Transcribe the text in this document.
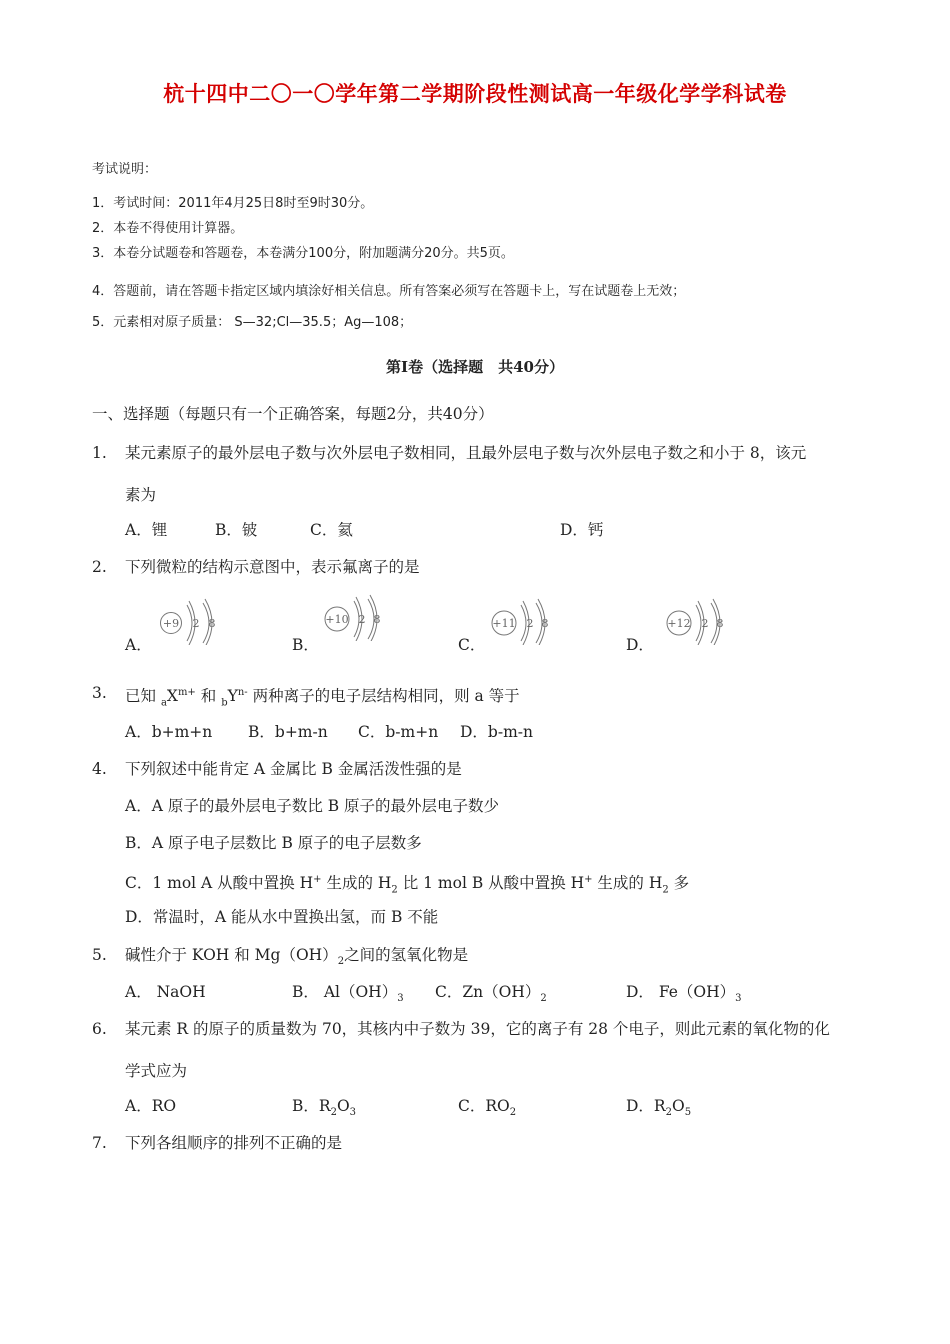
杭十四中二〇一〇学年第二学期阶段性测试高一年级化学学科试卷
考试说明：
1．考试时间：2011年4月25日8时至9时30分。
2．本卷不得使用计算器。
3．本卷分试题卷和答题卷，本卷满分100分，附加题满分20分。共5页。
4．答题前，请在答题卡指定区域内填涂好相关信息。所有答案必须写在答题卡上，写在试题卷上无效；
5．元素相对原子质量： S—32;Cl—35.5；Ag—108；
第Ⅰ卷（选择题　共40分）
一、选择题（每题只有一个正确答案，每题2分，共40分）
1. 某元素原子的最外层电子数与次外层电子数相同，且最外层电子数与次外层电子数之和小于 8，该元
素为
A．锂	B．铍	C．氦	D．钙
2. 下列微粒的结构示意图中，表示氟离子的是
A．
+9 2 8
B．
+10 2 8
C．
+11 2 8
D．
+12 2 8
3. 已知 $_aX^{m+}$ 和 $_bY^{n-}$ 两种离子的电子层结构相同，则 a 等于
A．b+m+n B．b+m-n C．b-m+n D．b-m-n
4. 下列叙述中能肯定 A 金属比 B 金属活泼性强的是
A．A 原子的最外层电子数比 B 原子的最外层电子数少
B．A 原子电子层数比 B 原子的电子层数多
C．1 mol A 从酸中置换 H+ 生成的 $H_2$ 比 1 mol B 从酸中置换 H+ 生成的 $H_2$ 多
D．常温时，A 能从水中置换出氢，而 B 不能
5. 碱性介于 KOH 和 $Mg(OH)_2$之间的氢氧化物是
A． NaOH	B． $Al(OH)_3$ C．$Zn(OH)_2$	D． $Fe(OH)_3$
6. 某元素 R 的原子的质量数为 70，其核内中子数为 39，它的离子有 28 个电子，则此元素的氧化物的化
学式应为
A．RO	B．$R_2O_3$	C．$RO_2$	D．$R_2O_5$
7. 下列各组顺序的排列不正确的是
